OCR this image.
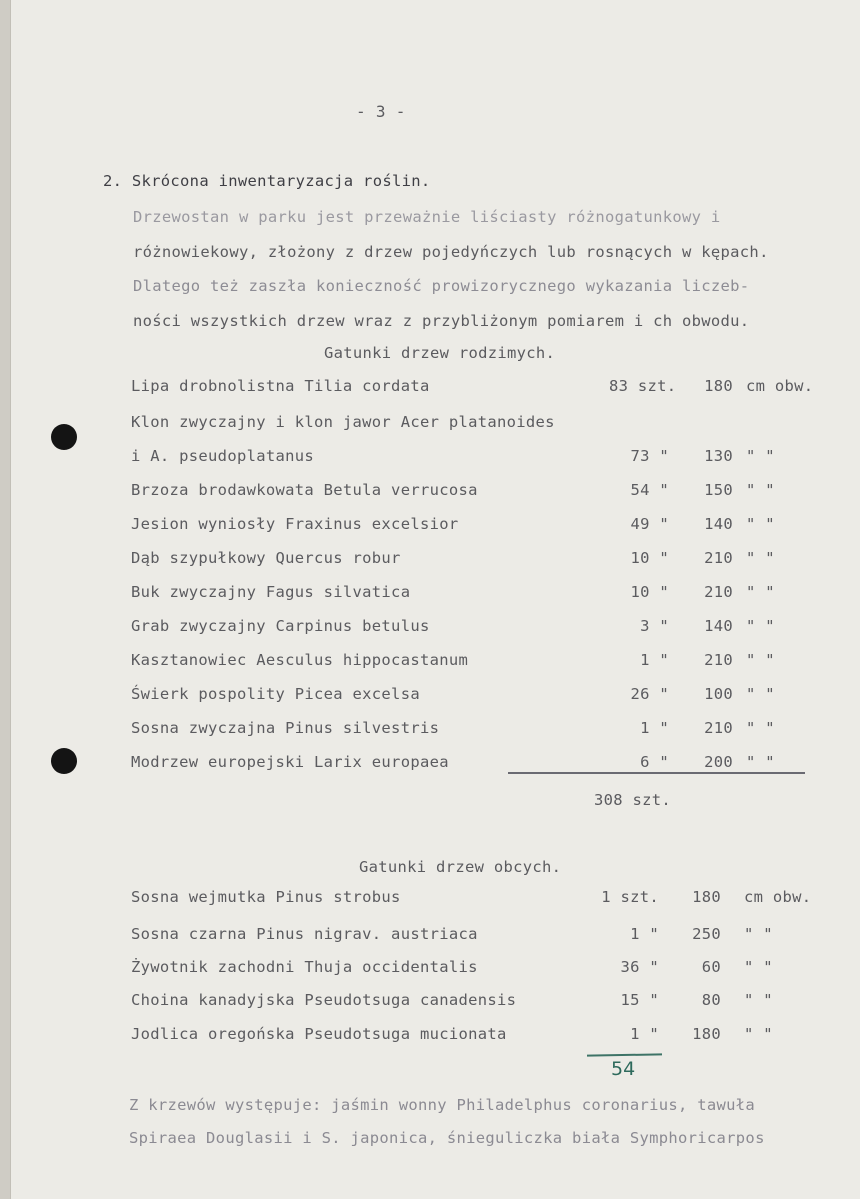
- 3 -
2. Skrócona inwentaryzacja roślin.
Drzewostan w parku jest przeważnie liściasty różnogatunkowy i
różnowiekowy, złożony z drzew pojedyńczych lub rosnących w kępach.
Dlatego też zaszła konieczność prowizorycznego wykazania liczeb-
ności wszystkich drzew wraz z przybliżonym pomiarem i ch obwodu.
Gatunki drzew rodzimych.
Lipa drobnolistna Tilia cordata	83 szt.	180 cm obw.
Klon zwyczajny i klon jawor Acer platanoides
i A. pseudoplatanus	73 "	130 " "
Brzoza brodawkowata Betula verrucosa	54 "	150 " "
Jesion wyniosły Fraxinus excelsior	49 "	140 " "
Dąb szypułkowy Quercus robur	10 "	210 " "
Buk zwyczajny Fagus silvatica	10 "	210 " "
Grab zwyczajny Carpinus betulus	3 "	140 " "
Kasztanowiec Aesculus hippocastanum	1 "	210 " "
Świerk pospolity Picea excelsa	26 "	100 " "
Sosna zwyczajna Pinus silvestris	1 "	210 " "
Modrzew europejski Larix europaea	6 "	200 " "
308 szt.
Gatunki drzew obcych.
Sosna wejmutka Pinus strobus	1 szt.	180 cm obw.
Sosna czarna Pinus nigrav. austriaca	1 "	250 " "
Żywotnik zachodni Thuja occidentalis	36 "	60 " "
Choina kanadyjska Pseudotsuga canadensis	15 "	80 " "
Jodlica oregońska Pseudotsuga mucionata	1 "	180 " "
54
Z krzewów występuje: jaśmin wonny Philadelphus coronarius, tawuła
Spiraea Douglasii i S. japonica, śnieguliczka biała Symphoricarpos
